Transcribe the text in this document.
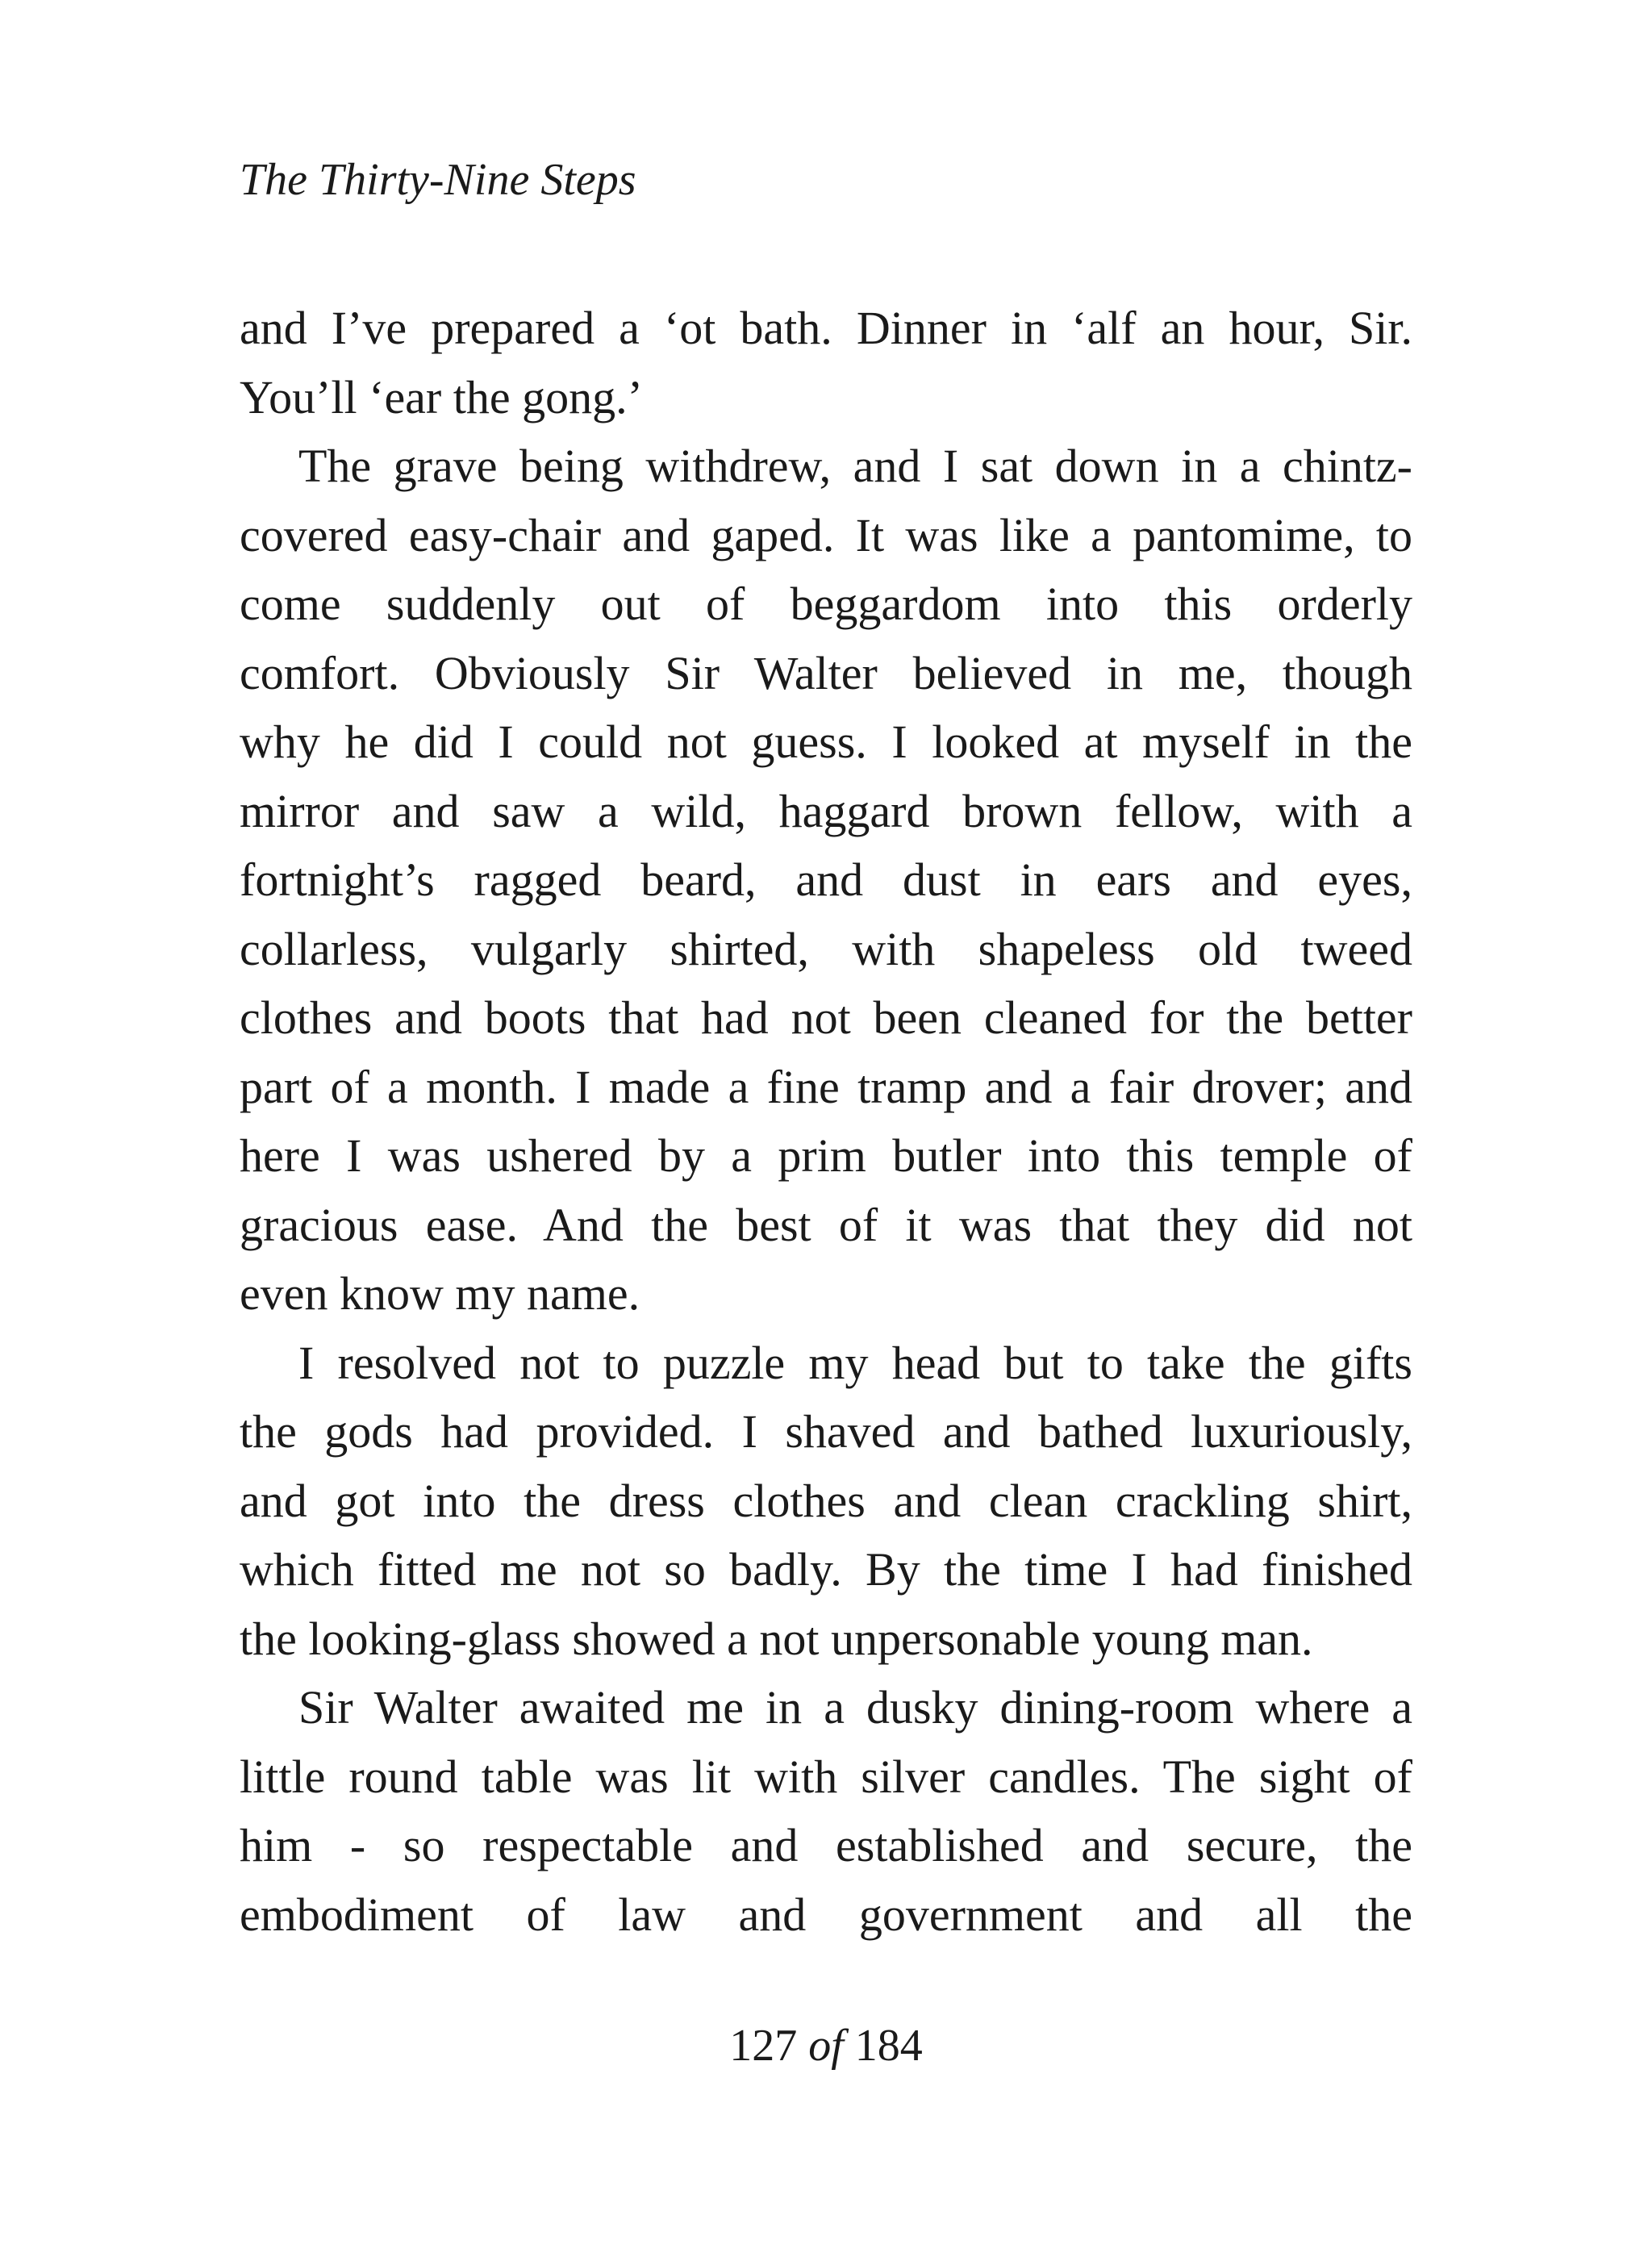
The Thirty-Nine Steps
and I’ve prepared a ‘ot bath. Dinner in ‘alf an hour, Sir.
You’ll ‘ear the gong.’
The grave being withdrew, and I sat down in a chintz-
covered easy-chair and gaped. It was like a pantomime, to
come suddenly out of beggardom into this orderly
comfort. Obviously Sir Walter believed in me, though
why he did I could not guess. I looked at myself in the
mirror and saw a wild, haggard brown fellow, with a
fortnight’s ragged beard, and dust in ears and eyes,
collarless, vulgarly shirted, with shapeless old tweed
clothes and boots that had not been cleaned for the better
part of a month. I made a fine tramp and a fair drover; and
here I was ushered by a prim butler into this temple of
gracious ease. And the best of it was that they did not
even know my name.
I resolved not to puzzle my head but to take the gifts
the gods had provided. I shaved and bathed luxuriously,
and got into the dress clothes and clean crackling shirt,
which fitted me not so badly. By the time I had finished
the looking-glass showed a not unpersonable young man.
Sir Walter awaited me in a dusky dining-room where a
little round table was lit with silver candles. The sight of
him - so respectable and established and secure, the
embodiment of law and government and all the
127 of 184
